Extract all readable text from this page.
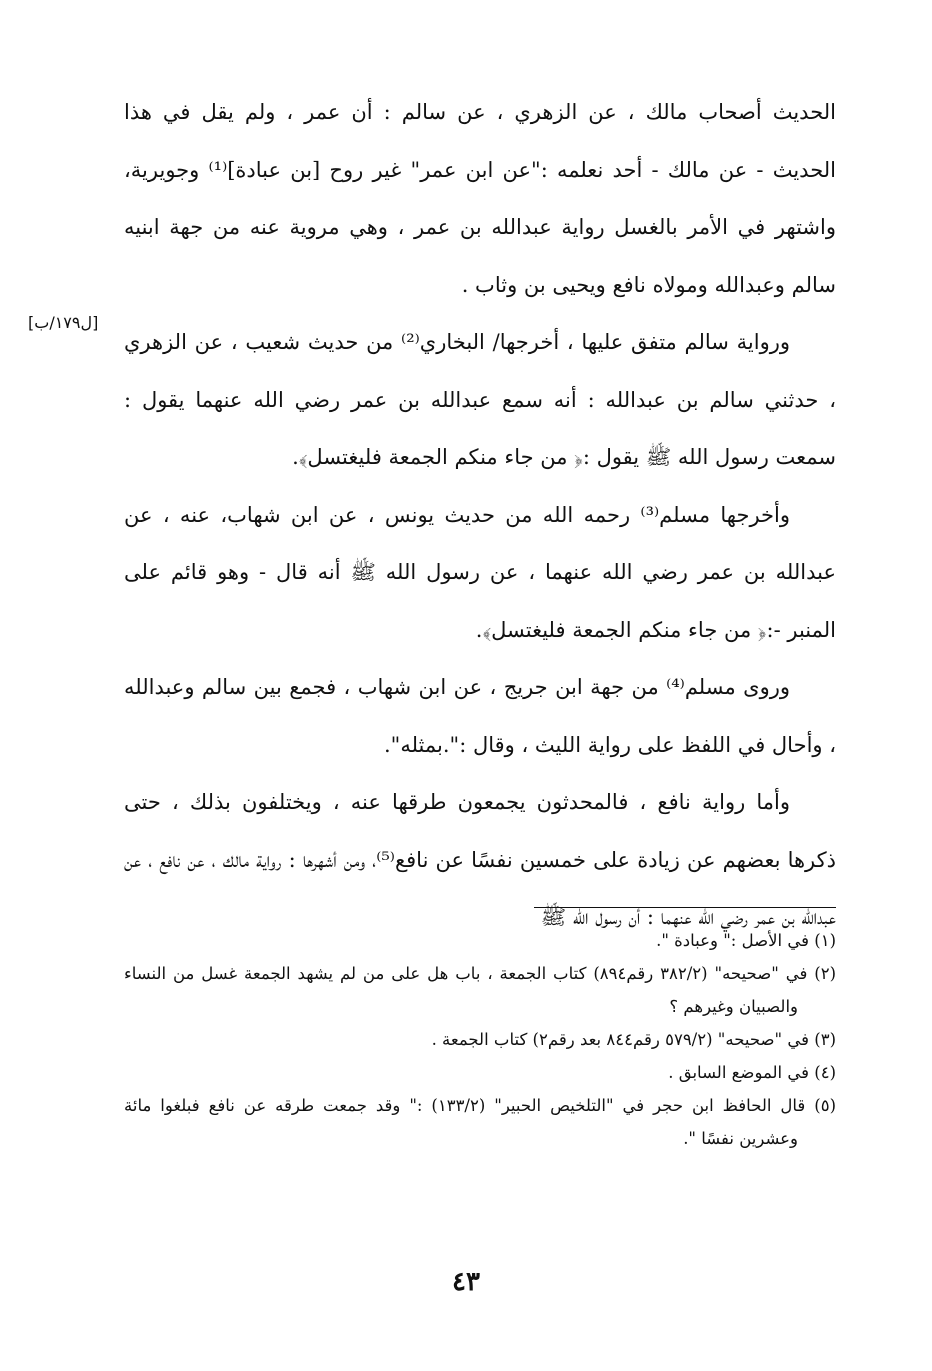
الحديث أصحاب مالك ، عن الزهري ، عن سالم : أن عمر ، ولم يقل في هذا الحديث - عن مالك - أحد نعلمه :"عن ابن عمر" غير روح [بن عبادة]⁽¹⁾ وجويرية، واشتهر في الأمر بالغسل رواية عبدالله بن عمر ، وهي مروية عنه من جهة ابنيه سالم وعبدالله ومولاه نافع ويحيى بن وثاب .

ورواية سالم متفق عليها ، أخرجها/ البخاري⁽²⁾ من حديث شعيب ، عن الزهري ، حدثني سالم بن عبدالله : أنه سمع عبدالله بن عمر رضي الله عنهما يقول : سمعت رسول الله ﷺ يقول :﴿ من جاء منكم الجمعة فليغتسل﴾.

وأخرجها مسلم⁽³⁾ رحمه الله من حديث يونس ، عن ابن شهاب، عنه ، عن عبدالله بن عمر رضي الله عنهما ، عن رسول الله ﷺ أنه قال - وهو قائم على المنبر -:﴿ من جاء منكم الجمعة فليغتسل﴾.

وروى مسلم⁽⁴⁾ من جهة ابن جريج ، عن ابن شهاب ، فجمع بين سالم وعبدالله ، وأحال في اللفظ على رواية الليث ، وقال :".بمثله".

وأما رواية نافع ، فالمحدثون يجمعون طرقها عنه ، ويختلفون بذلك ، حتى ذكرها بعضهم عن زيادة على خمسين نفسًا عن نافع⁽⁵⁾، ومن أشهرها : رواية مالك ، عن نافع ، عن عبدالله بن عمر رضي الله عنهما : أن رسول الله ﷺ

[ل١٧٩/ب]

(١) في الأصل :" وعبادة ".

(٢) في "صحيحه" (٣٨٢/٢ رقم٨٩٤) كتاب الجمعة ، باب هل على من لم يشهد الجمعة غسل من النساء والصبيان وغيرهم ؟

(٣) في "صحيحه" (٥٧٩/٢ رقم٨٤٤ بعد رقم٢) كتاب الجمعة .

(٤) في الموضع السابق .

(٥) قال الحافظ ابن حجر في "التلخيص الحبير" (١٣٣/٢) :" وقد جمعت طرقه عن نافع فبلغوا مائة وعشرين نفسًا ".

٤٣
